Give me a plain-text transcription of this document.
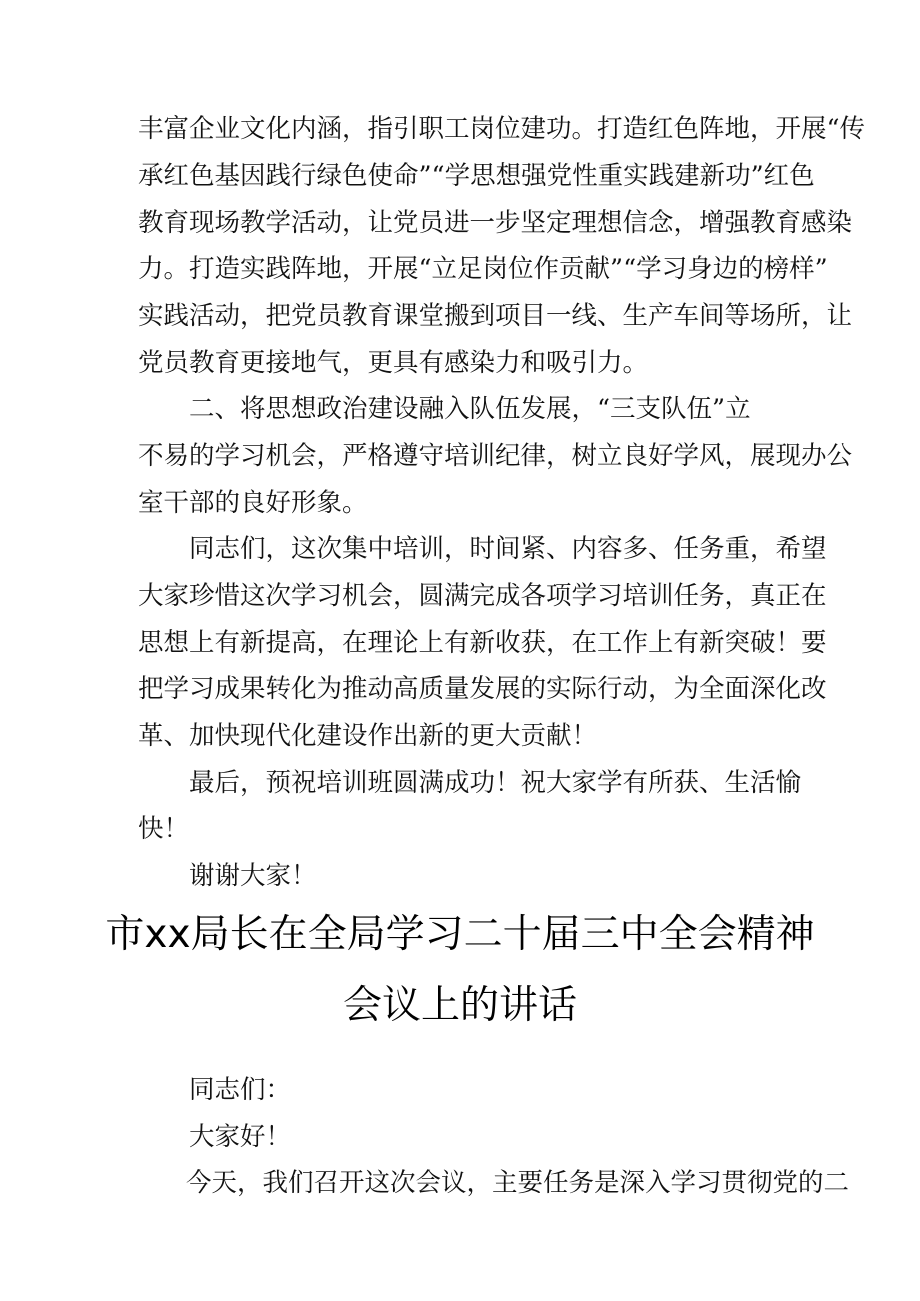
丰富企业文化内涵，指引职工岗位建功。打造红色阵地，开展“传
承红色基因践行绿色使命”“学思想强党性重实践建新功”红色
教育现场教学活动，让党员进一步坚定理想信念，增强教育感染
力。打造实践阵地，开展“立足岗位作贡献”“学习身边的榜样”
实践活动，把党员教育课堂搬到项目一线、生产车间等场所，让
党员教育更接地气，更具有感染力和吸引力。
　　二、将思想政治建设融入队伍发展，“三支队伍”立
不易的学习机会，严格遵守培训纪律，树立良好学风，展现办公
室干部的良好形象。
　　同志们，这次集中培训，时间紧、内容多、任务重，希望
大家珍惜这次学习机会，圆满完成各项学习培训任务，真正在
思想上有新提高，在理论上有新收获，在工作上有新突破！要
把学习成果转化为推动高质量发展的实际行动，为全面深化改
革、加快现代化建设作出新的更大贡献！
　　最后，预祝培训班圆满成功！祝大家学有所获、生活愉
快！
　　谢谢大家！
市xx局长在全局学习二十届三中全会精神
会议上的讲话
　　同志们：
　　大家好！
今天，我们召开这次会议，主要任务是深入学习贯彻党的二
